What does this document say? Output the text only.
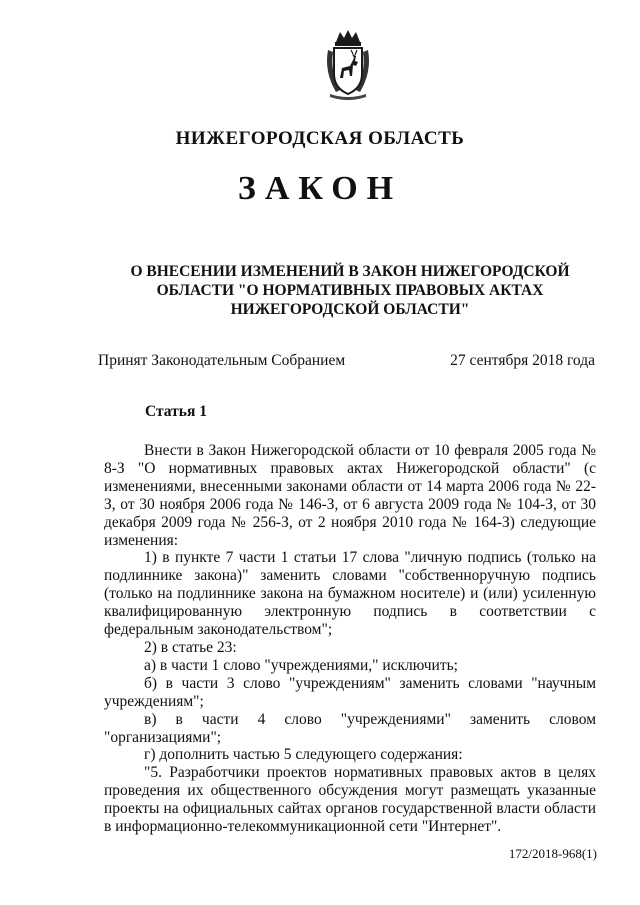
НИЖЕГОРОДСКАЯ ОБЛАСТЬ
ЗАКОН
О ВНЕСЕНИИ ИЗМЕНЕНИЙ В ЗАКОН НИЖЕГОРОДСКОЙ ОБЛАСТИ "О НОРМАТИВНЫХ ПРАВОВЫХ АКТАХ НИЖЕГОРОДСКОЙ ОБЛАСТИ"
Принят Законодательным Собранием	27 сентября 2018 года
Статья 1

Внести в Закон Нижегородской области от 10 февраля 2005 года № 8-З "О нормативных правовых актах Нижегородской области" (с изменениями, внесенными законами области от 14 марта 2006 года № 22-З, от 30 ноября 2006 года № 146-З, от 6 августа 2009 года № 104-З, от 30 декабря 2009 года № 256-З, от 2 ноября 2010 года № 164-З) следующие изменения:

1) в пункте 7 части 1 статьи 17 слова "личную подпись (только на подлиннике закона)" заменить словами "собственноручную подпись (только на подлиннике закона на бумажном носителе) и (или) усиленную квалифицированную электронную подпись в соответствии с федеральным законодательством";

2) в статье 23:

а) в части 1 слово "учреждениями," исключить;

б) в части 3 слово "учреждениям" заменить словами "научным учреждениям";

в) в части 4 слово "учреждениями" заменить словом "организациями";

г) дополнить частью 5 следующего содержания:

"5. Разработчики проектов нормативных правовых актов в целях проведения их общественного обсуждения могут размещать указанные проекты на официальных сайтах органов государственной власти области в информационно-телекоммуникационной сети "Интернет".

172/2018-968(1)
